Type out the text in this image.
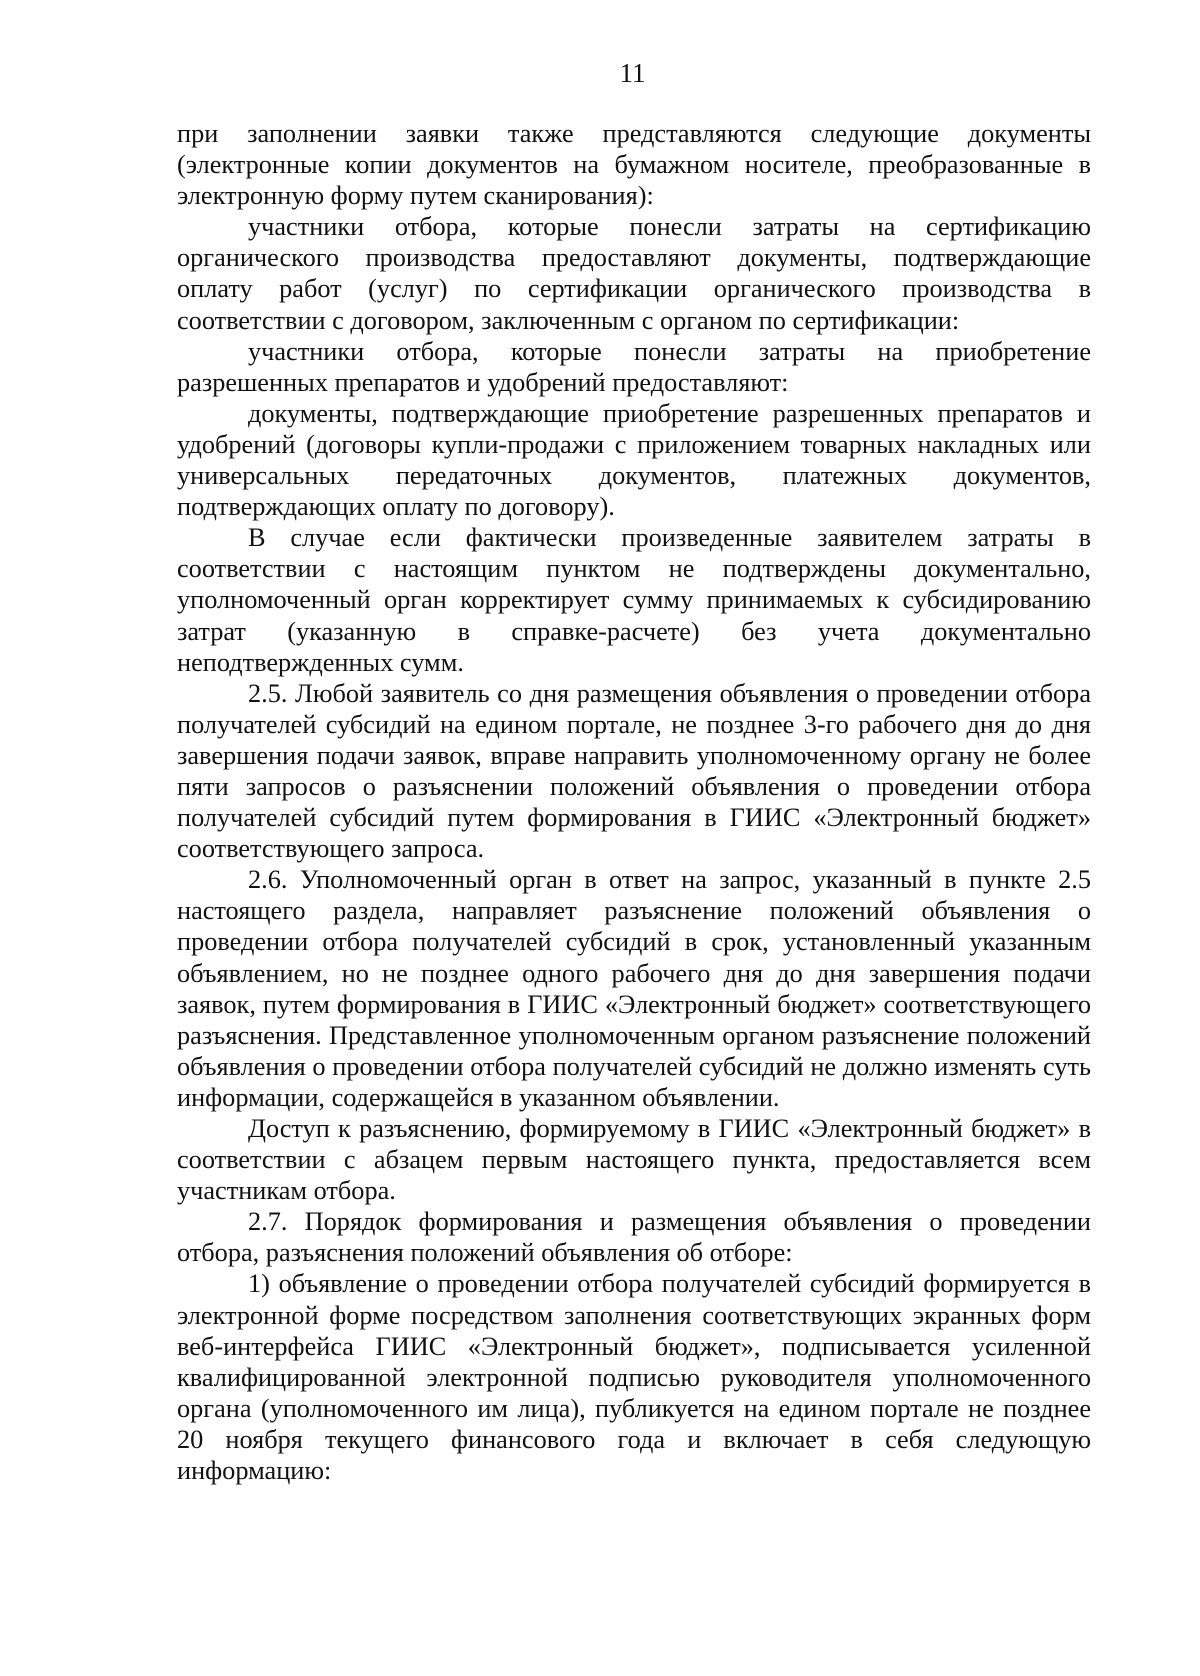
11

при заполнении заявки также представляются следующие документы (электронные копии документов на бумажном носителе, преобразованные в электронную форму путем сканирования):

участники отбора, которые понесли затраты на сертификацию органического производства предоставляют документы, подтверждающие оплату работ (услуг) по сертификации органического производства в соответствии с договором, заключенным с органом по сертификации:

участники отбора, которые понесли затраты на приобретение разрешенных препаратов и удобрений предоставляют:

документы, подтверждающие приобретение разрешенных препаратов и удобрений (договоры купли-продажи с приложением товарных накладных или универсальных передаточных документов, платежных документов, подтверждающих оплату по договору).

В случае если фактически произведенные заявителем затраты в соответствии с настоящим пунктом не подтверждены документально, уполномоченный орган корректирует сумму принимаемых к субсидированию затрат (указанную в справке-расчете) без учета документально неподтвержденных сумм.

2.5. Любой заявитель со дня размещения объявления о проведении отбора получателей субсидий на едином портале, не позднее 3-го рабочего дня до дня завершения подачи заявок, вправе направить уполномоченному органу не более пяти запросов о разъяснении положений объявления о проведении отбора получателей субсидий путем формирования в ГИИС «Электронный бюджет» соответствующего запроса.

2.6. Уполномоченный орган в ответ на запрос, указанный в пункте 2.5 настоящего раздела, направляет разъяснение положений объявления о проведении отбора получателей субсидий в срок, установленный указанным объявлением, но не позднее одного рабочего дня до дня завершения подачи заявок, путем формирования в ГИИС «Электронный бюджет» соответствующего разъяснения. Представленное уполномоченным органом разъяснение положений объявления о проведении отбора получателей субсидий не должно изменять суть информации, содержащейся в указанном объявлении.

Доступ к разъяснению, формируемому в ГИИС «Электронный бюджет» в соответствии с абзацем первым настоящего пункта, предоставляется всем участникам отбора.

2.7. Порядок формирования и размещения объявления о проведении отбора, разъяснения положений объявления об отборе:

1) объявление о проведении отбора получателей субсидий формируется в электронной форме посредством заполнения соответствующих экранных форм веб-интерфейса ГИИС «Электронный бюджет», подписывается усиленной квалифицированной электронной подписью руководителя уполномоченного органа (уполномоченного им лица), публикуется на едином портале не позднее 20 ноября текущего финансового года и включает в себя следующую информацию:
